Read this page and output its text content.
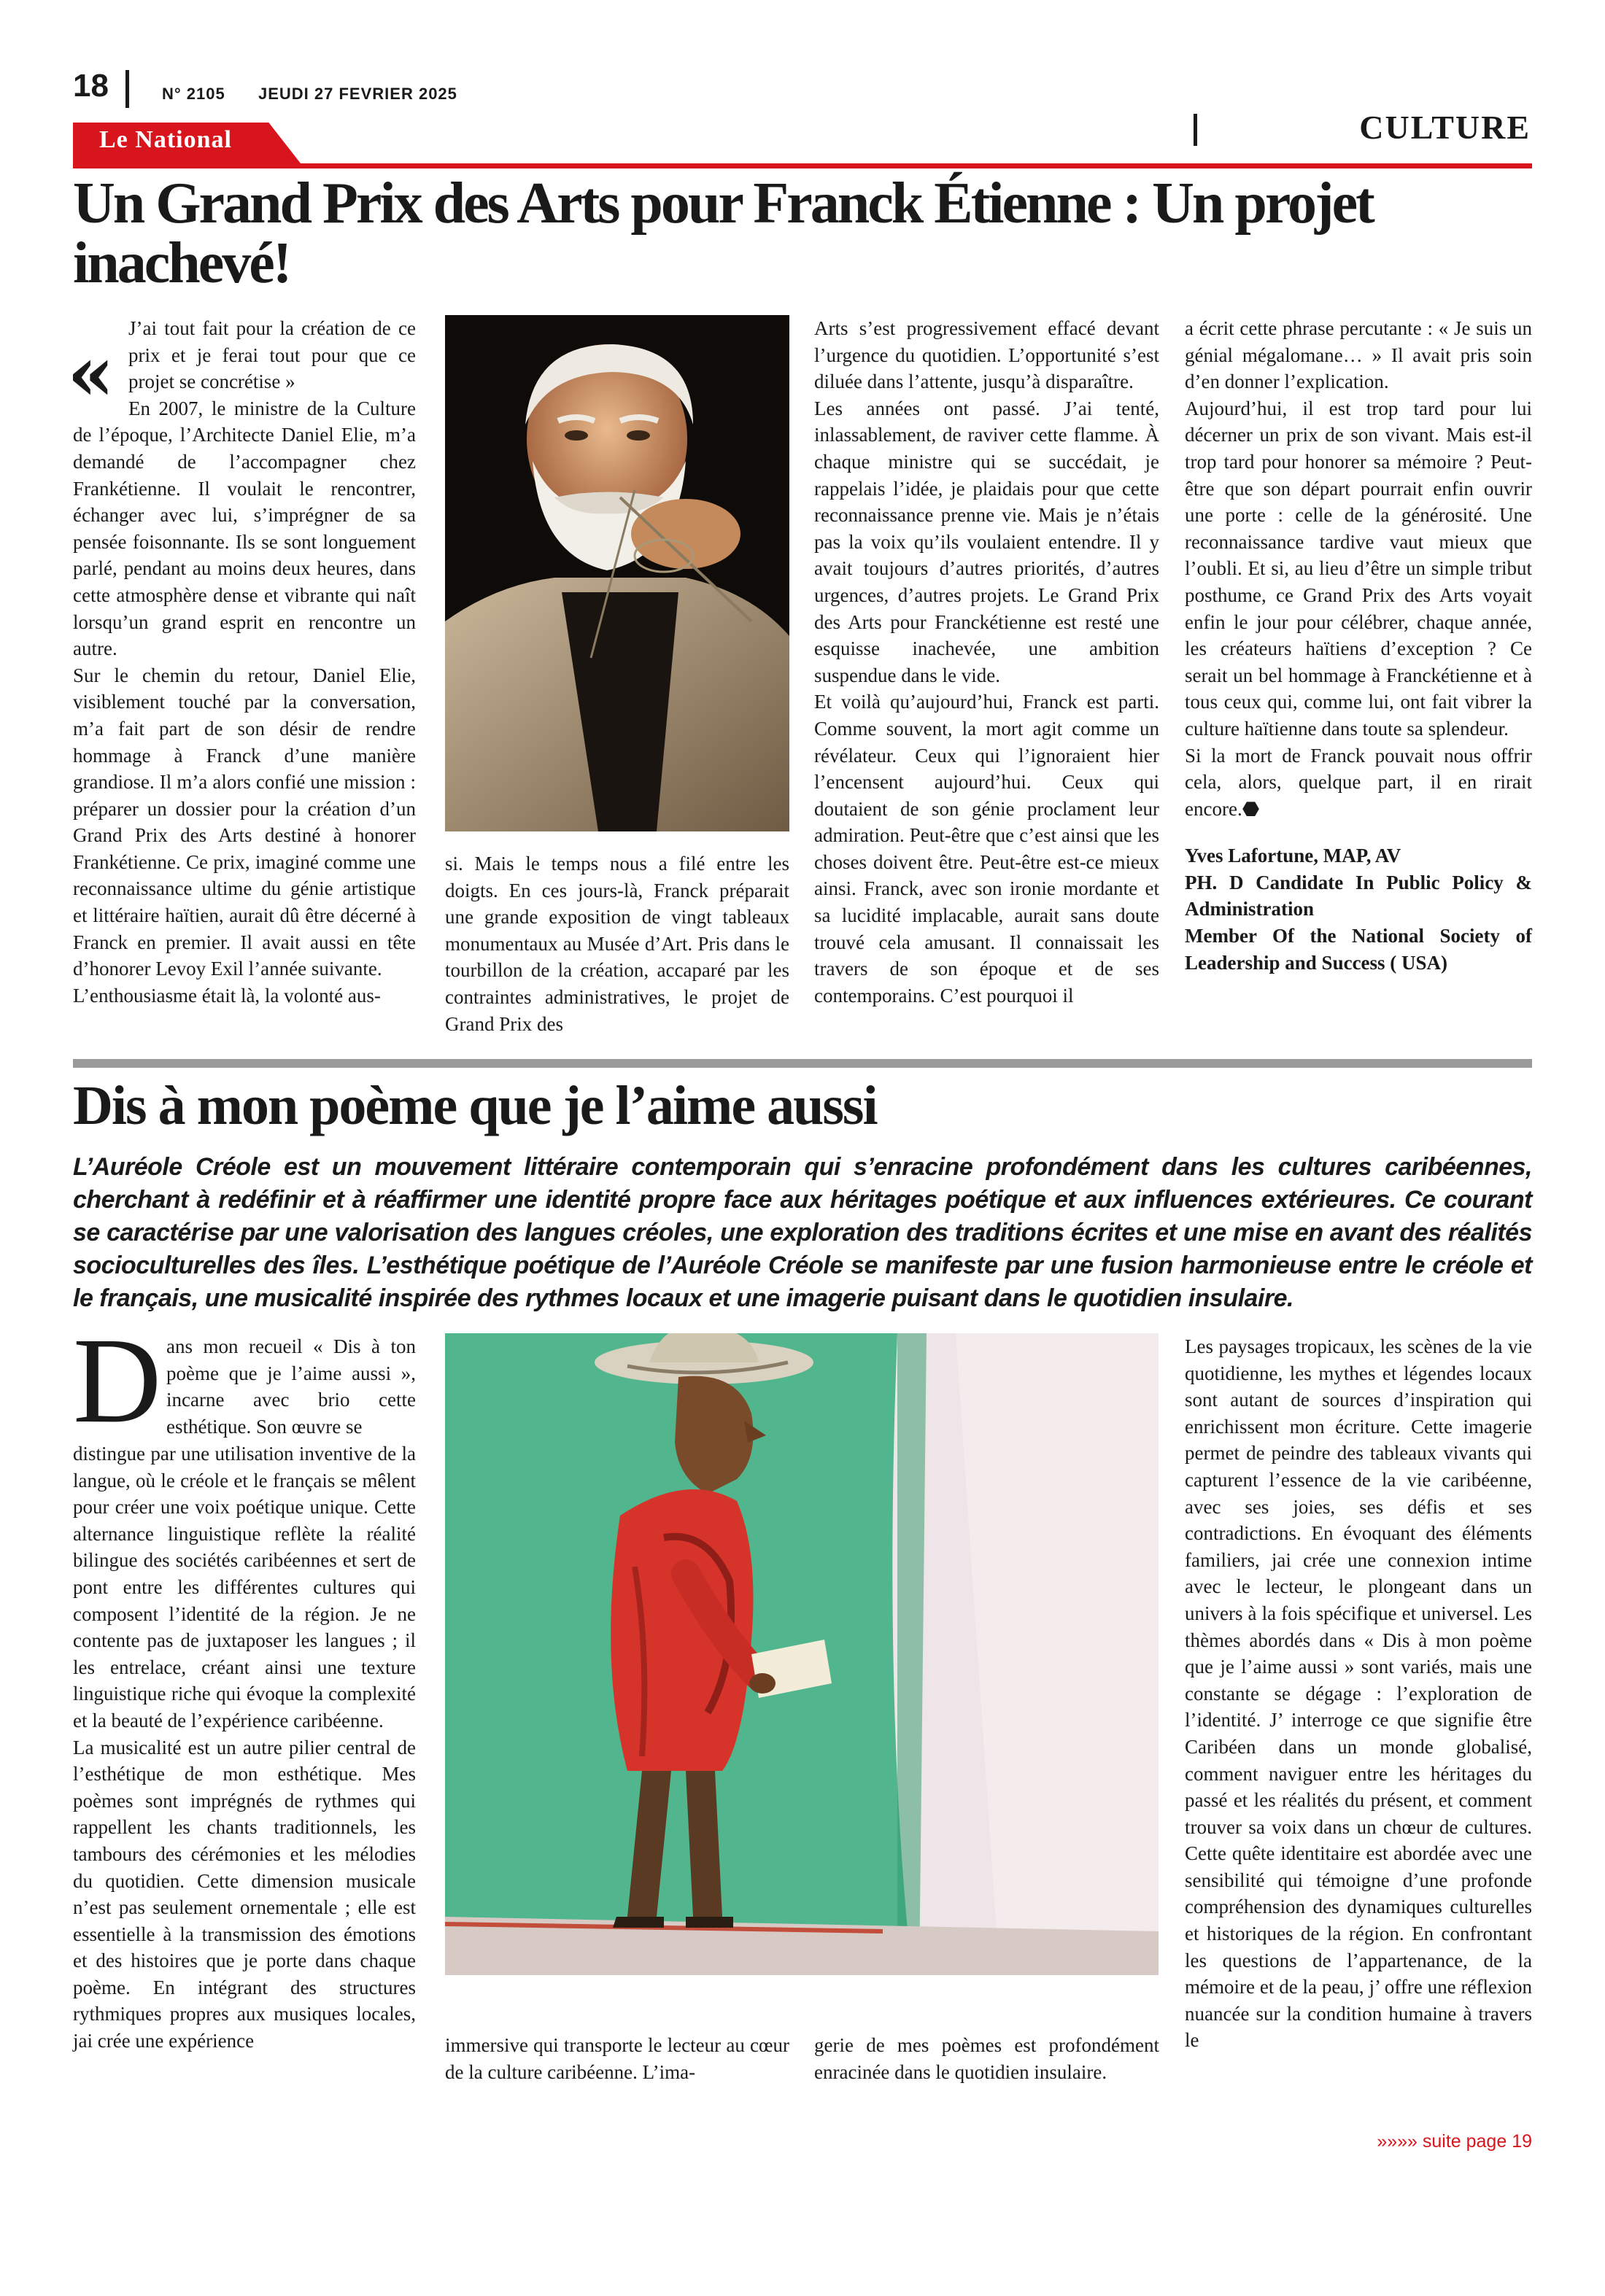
18	N° 2105 JEUDI 27 FEVRIER 2025
Le National	CULTURE
Un Grand Prix des Arts pour Franck Étienne : Un projet inachevé!
« J’ai tout fait pour la création de ce prix et je ferai tout pour que ce projet se concrétise »

En 2007, le ministre de la Culture de l’époque, l’Architecte Daniel Elie, m’a demandé de l’accompagner chez Frankétienne. Il voulait le rencontrer, échanger avec lui, s’imprégner de sa pensée foisonnante. Ils se sont longuement parlé, pendant au moins deux heures, dans cette atmosphère dense et vibrante qui naît lorsqu’un grand esprit en rencontre un autre.

Sur le chemin du retour, Daniel Elie, visiblement touché par la conversation, m’a fait part de son désir de rendre hommage à Franck d’une manière grandiose. Il m’a alors confié une mission : préparer un dossier pour la création d’un Grand Prix des Arts destiné à honorer Frankétienne. Ce prix, imaginé comme une reconnaissance ultime du génie artistique et littéraire haïtien, aurait dû être décerné à Franck en premier. Il avait aussi en tête d’honorer Levoy Exil l’année suivante.

L’enthousiasme était là, la volonté aus-

si. Mais le temps nous a filé entre les doigts. En ces jours-là, Franck préparait une grande exposition de vingt tableaux monumentaux au Musée d’Art. Pris dans le tourbillon de la création, accaparé par les contraintes administratives, le projet de Grand Prix des

Arts s’est progressivement effacé devant l’urgence du quotidien. L’opportunité s’est diluée dans l’attente, jusqu’à disparaître.

Les années ont passé. J’ai tenté, inlassablement, de raviver cette flamme. À chaque ministre qui se succédait, je rappelais l’idée, je plaidais pour que cette reconnaissance prenne vie. Mais je n’étais pas la voix qu’ils voulaient entendre. Il y avait toujours d’autres priorités, d’autres urgences, d’autres projets. Le Grand Prix des Arts pour Franckétienne est resté une esquisse inachevée, une ambition suspendue dans le vide.

Et voilà qu’aujourd’hui, Franck est parti. Comme souvent, la mort agit comme un révélateur. Ceux qui l’ignoraient hier l’encensent aujourd’hui. Ceux qui doutaient de son génie proclament leur admiration. Peut-être que c’est ainsi que les choses doivent être. Peut-être est-ce mieux ainsi. Franck, avec son ironie mordante et sa lucidité implacable, aurait sans doute trouvé cela amusant. Il connaissait les travers de son époque et de ses contemporains. C’est pourquoi il

a écrit cette phrase percutante : « Je suis un génial mégalomane… » Il avait pris soin d’en donner l’explication.

Aujourd’hui, il est trop tard pour lui décerner un prix de son vivant. Mais est-il trop tard pour honorer sa mémoire ? Peut-être que son départ pourrait enfin ouvrir une porte : celle de la générosité. Une reconnaissance tardive vaut mieux que l’oubli. Et si, au lieu d’être un simple tribut posthume, ce Grand Prix des Arts voyait enfin le jour pour célébrer, chaque année, les créateurs haïtiens d’exception ? Ce serait un bel hommage à Franckétienne et à tous ceux qui, comme lui, ont fait vibrer la culture haïtienne dans toute sa splendeur.

Si la mort de Franck pouvait nous offrir cela, alors, quelque part, il en rirait encore.⬣

Yves Lafortune, MAP, AV
PH. D Candidate In Public Policy & Administration
Member Of the National Society of Leadership and Success ( USA)
Dis à mon poème que je l’aime aussi
L’Auréole Créole est un mouvement littéraire contemporain qui s’enracine profondément dans les cultures caribéennes, cherchant à redéfinir et à réaffirmer une identité propre face aux héritages poétique et aux influences extérieures. Ce courant se caractérise par une valorisation des langues créoles, une exploration des traditions écrites et une mise en avant des réalités socioculturelles des îles. L’esthétique poétique de l’Auréole Créole se manifeste par une fusion harmonieuse entre le créole et le français, une musicalité inspirée des rythmes locaux et une imagerie puisant dans le quotidien insulaire.
D ans mon recueil « Dis à ton poème que je l’aime aussi », incarne avec brio cette esthétique. Son œuvre se

distingue par une utilisation inventive de la langue, où le créole et le français se mêlent pour créer une voix poétique unique. Cette alternance linguistique reflète la réalité bilingue des sociétés caribéennes et sert de pont entre les différentes cultures qui composent l’identité de la région. Je ne contente pas de juxtaposer les langues ; il les entrelace, créant ainsi une texture linguistique riche qui évoque la complexité et la beauté de l’expérience caribéenne.

La musicalité est un autre pilier central de l’esthétique de mon esthétique. Mes poèmes sont imprégnés de rythmes qui rappellent les chants traditionnels, les tambours des cérémonies et les mélodies du quotidien. Cette dimension musicale n’est pas seulement ornementale ; elle est essentielle à la transmission des émotions et des histoires que je porte dans chaque poème. En intégrant des structures rythmiques propres aux musiques locales, jai crée une expérience	immersive qui transporte le lecteur au cœur de la culture caribéenne. L’ima-

gerie de mes poèmes est profondément enracinée dans le quotidien insulaire.

Les paysages tropicaux, les scènes de la vie quotidienne, les mythes et légendes locaux sont autant de sources d’inspiration qui enrichissent mon écriture. Cette imagerie permet de peindre des tableaux vivants qui capturent l’essence de la vie caribéenne, avec ses joies, ses défis et ses contradictions. En évoquant des éléments familiers, jai crée une connexion intime avec le lecteur, le plongeant dans un univers à la fois spécifique et universel. Les thèmes abordés dans « Dis à mon poème que je l’aime aussi » sont variés, mais une constante se dégage : l’exploration de l’identité. J’ interroge ce que signifie être Caribéen dans un monde globalisé, comment naviguer entre les héritages du passé et les réalités du présent, et comment trouver sa voix dans un chœur de cultures. Cette quête identitaire est abordée avec une sensibilité qui témoigne d’une profonde compréhension des dynamiques culturelles et historiques de la région. En confrontant les questions de l’appartenance, de la mémoire et de la peau, j’ offre une réflexion nuancée sur la condition humaine à travers le

»»»» suite page 19
